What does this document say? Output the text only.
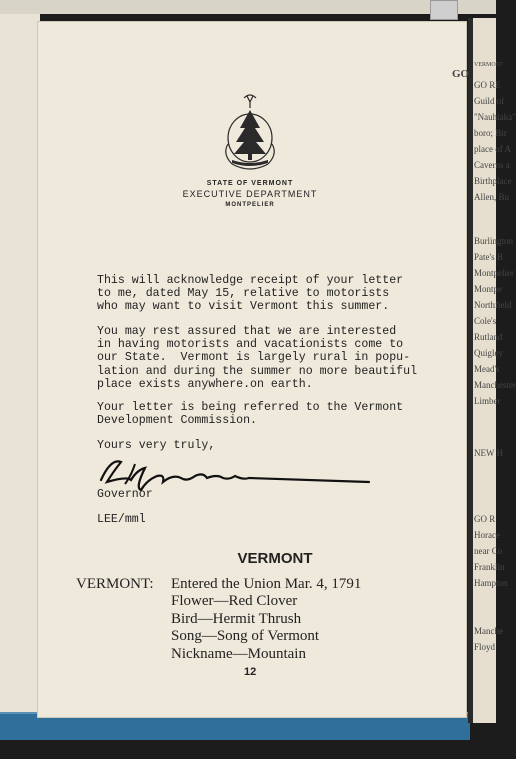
STATE OF VERMONT
EXECUTIVE DEPARTMENT
MONTPELIER
This will acknowledge receipt of your letter
to me, dated May 15, relative to motorists
who may want to visit Vermont this summer.
You may rest assured that we are interested
in having motorists and vacationists come to
our State.  Vermont is largely rural in popu-
lation and during the summer no more beautiful
place exists anywhere.on earth.
Your letter is being referred to the Vermont
Development Commission.
Yours very truly,
Governor
LEE/mml
VERMONT
VERMONT: Entered the Union Mar. 4, 1791
Flower—Red Clover
Bird—Hermit Thrush
Song—Song of Vermont
Nickname—Mountain
12
GO
VERMONT
GO RE
Guild of
"Nauhlaka"
boro; Bir
place of A
Caverns a
Birthplace
Allen, Bu
Burlington
Pate's B
Montpelier
Montpe
Northfield
Cole's
Rutland
Quigley
Mead's
Manchester
Limber
NEW H
GO R
Horace
near Co
Franklin
Hampton
Manche
Floyd
